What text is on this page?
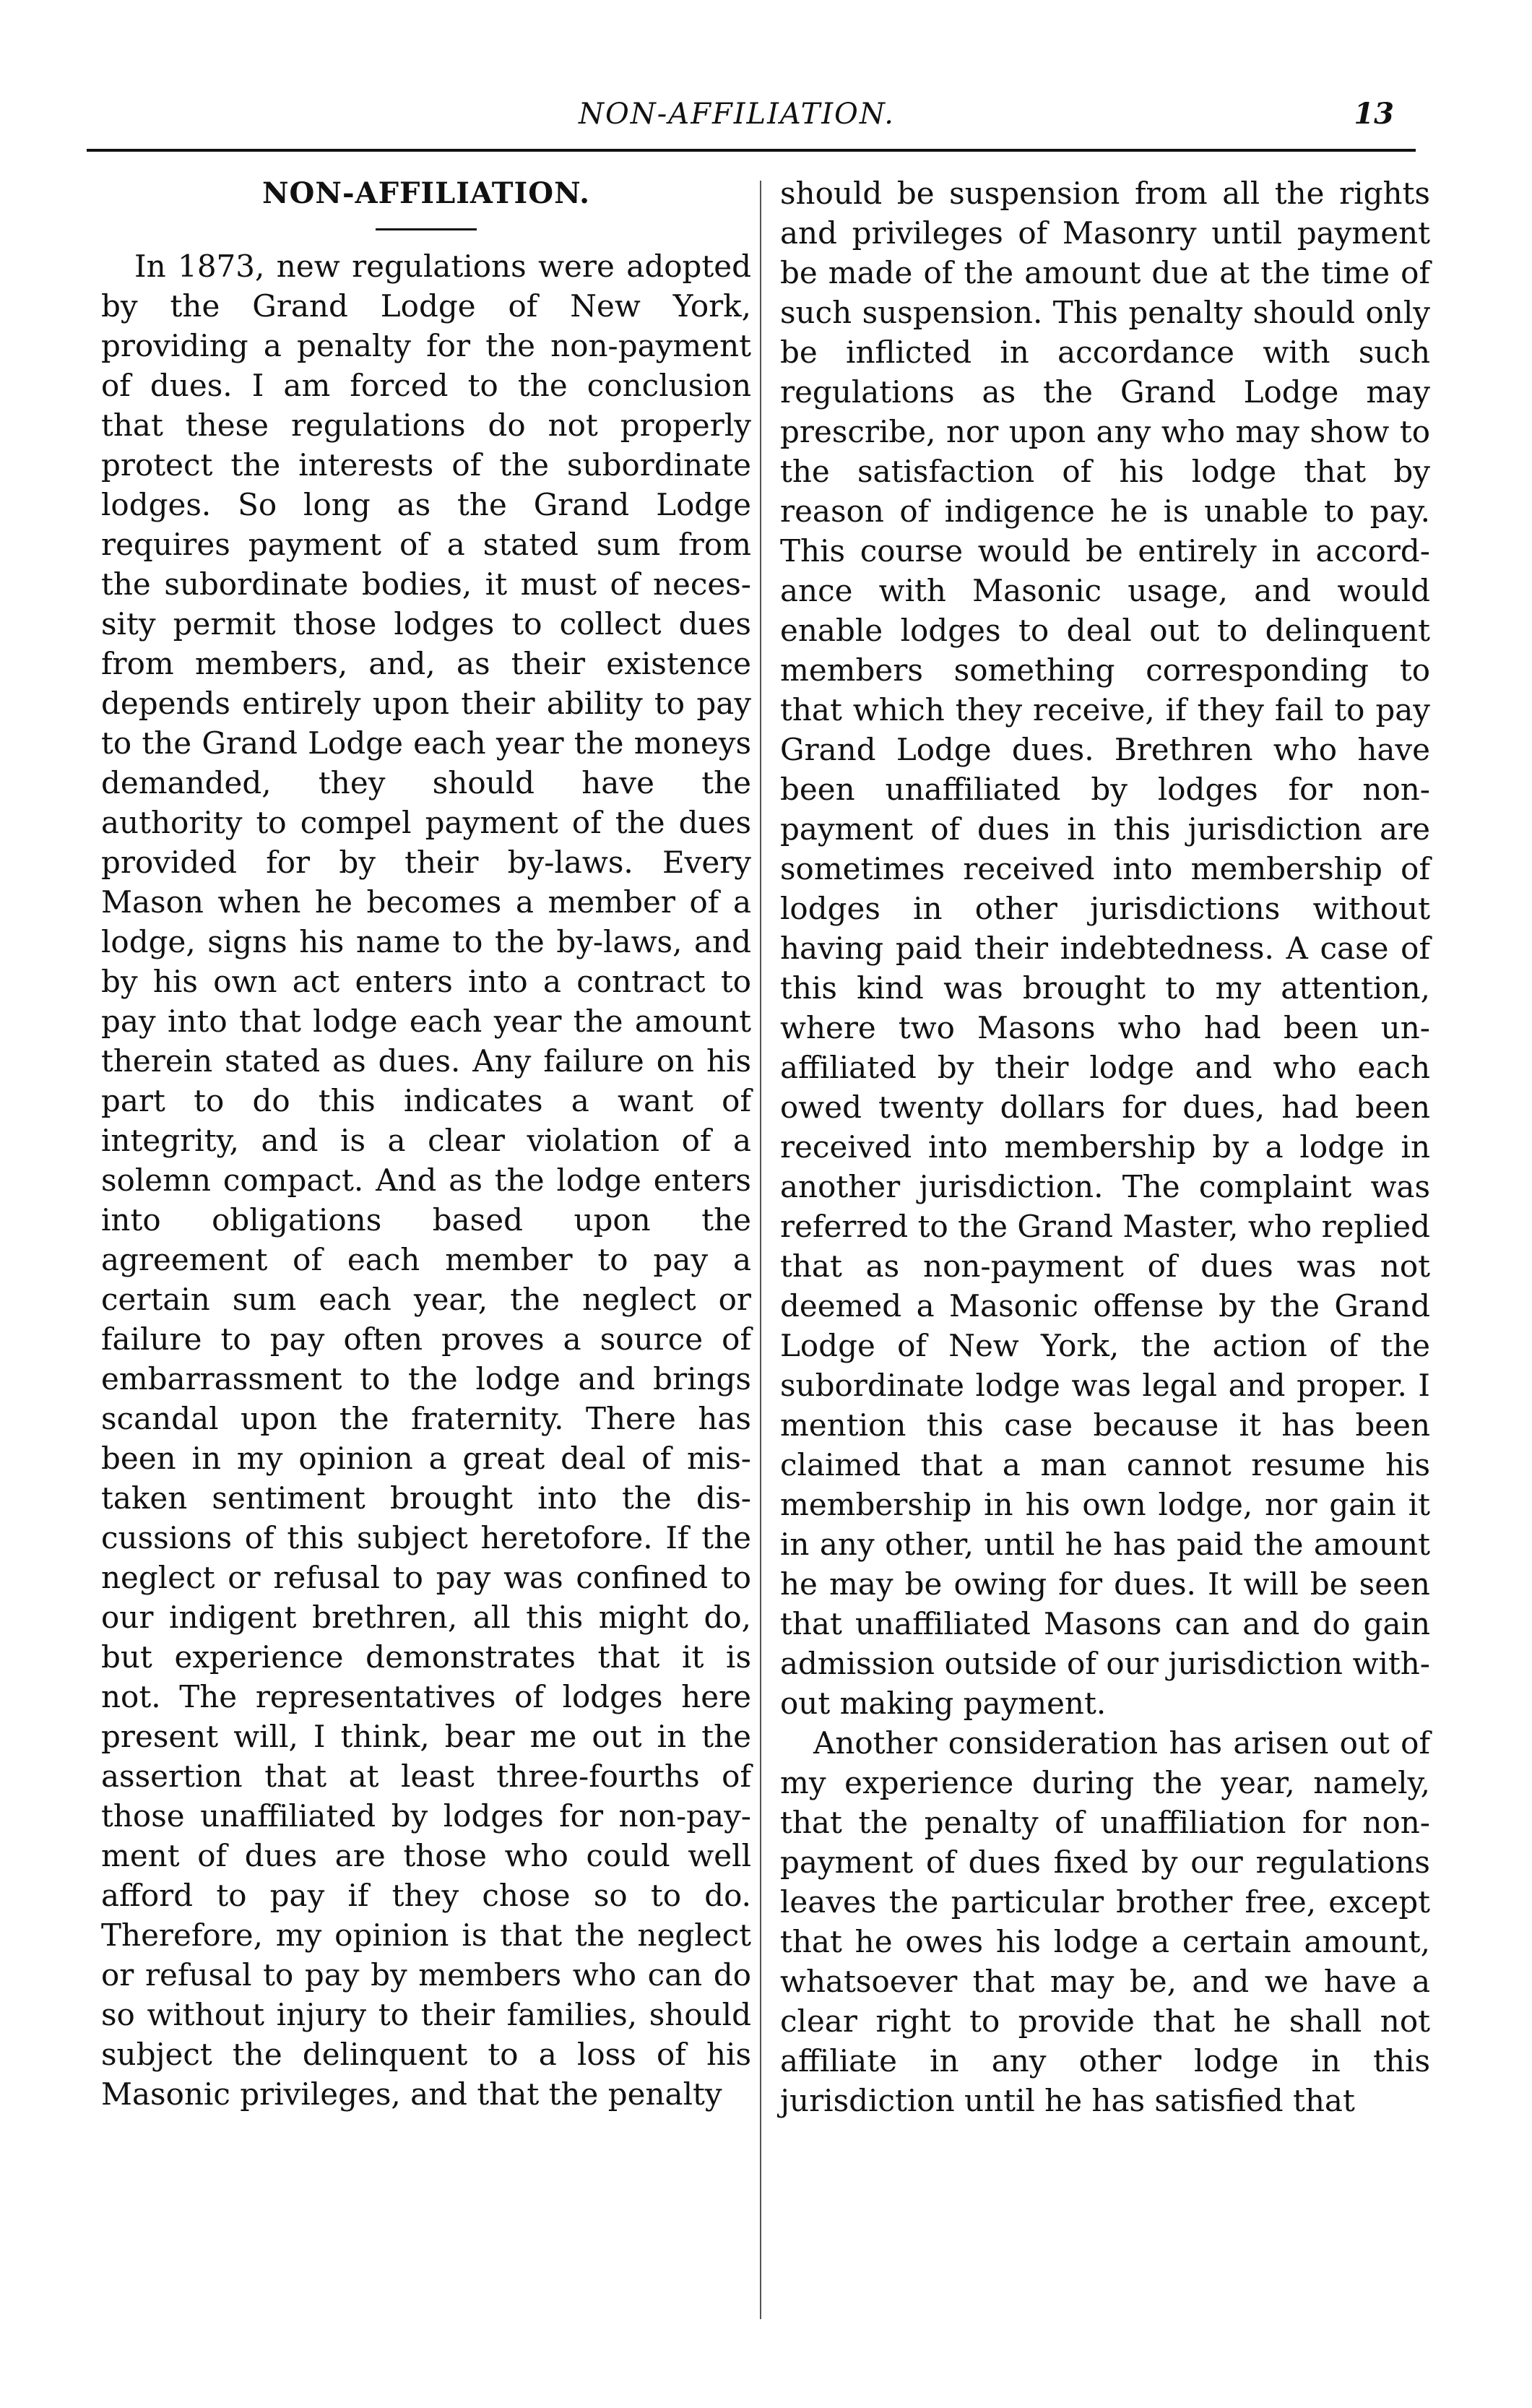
NON-AFFILIATION.	13
NON-AFFILIATION.

In 1873, new regulations were adopted by the Grand Lodge of New York, providing a penalty for the non-payment of dues. I am forced to the conclusion that these regulations do not properly protect the interests of the subordinate lodges. So long as the Grand Lodge requires payment of a stated sum from the subordinate bodies, it must of necessity permit those lodges to collect dues from members, and, as their existence depends entirely upon their ability to pay to the Grand Lodge each year the moneys demanded, they should have the authority to compel payment of the dues provided for by their by-laws. Every Mason when he becomes a member of a lodge, signs his name to the by-laws, and by his own act enters into a contract to pay into that lodge each year the amount therein stated as dues. Any failure on his part to do this indicates a want of integrity, and is a clear violation of a solemn compact. And as the lodge enters into obligations based upon the agreement of each member to pay a certain sum each year, the neglect or failure to pay often proves a source of embarrassment to the lodge and brings scandal upon the fraternity. There has been in my opinion a great deal of mistaken sentiment brought into the discussions of this subject heretofore. If the neglect or refusal to pay was confined to our indigent brethren, all this might do, but experience demonstrates that it is not. The representatives of lodges here present will, I think, bear me out in the assertion that at least three-fourths of those unaffiliated by lodges for non-payment of dues are those who could well afford to pay if they chose so to do. Therefore, my opinion is that the neglect or refusal to pay by members who can do so without injury to their families, should subject the delinquent to a loss of his Masonic privileges, and that the penalty

should be suspension from all the rights and privileges of Masonry until payment be made of the amount due at the time of such suspension. This penalty should only be inflicted in accordance with such regulations as the Grand Lodge may prescribe, nor upon any who may show to the satisfaction of his lodge that by reason of indigence he is unable to pay. This course would be entirely in accordance with Masonic usage, and would enable lodges to deal out to delinquent members something corresponding to that which they receive, if they fail to pay Grand Lodge dues. Brethren who have been unaffiliated by lodges for non-payment of dues in this jurisdiction are sometimes received into membership of lodges in other jurisdictions without having paid their indebtedness. A case of this kind was brought to my attention, where two Masons who had been unaffiliated by their lodge and who each owed twenty dollars for dues, had been received into membership by a lodge in another jurisdiction. The complaint was referred to the Grand Master, who replied that as non-payment of dues was not deemed a Masonic offense by the Grand Lodge of New York, the action of the subordinate lodge was legal and proper. I mention this case because it has been claimed that a man cannot resume his membership in his own lodge, nor gain it in any other, until he has paid the amount he may be owing for dues. It will be seen that unaffiliated Masons can and do gain admission outside of our jurisdiction without making payment.

Another consideration has arisen out of my experience during the year, namely, that the penalty of unaffiliation for non-payment of dues fixed by our regulations leaves the particular brother free, except that he owes his lodge a certain amount, whatsoever that may be, and we have a clear right to provide that he shall not affiliate in any other lodge in this jurisdiction until he has satisfied that
